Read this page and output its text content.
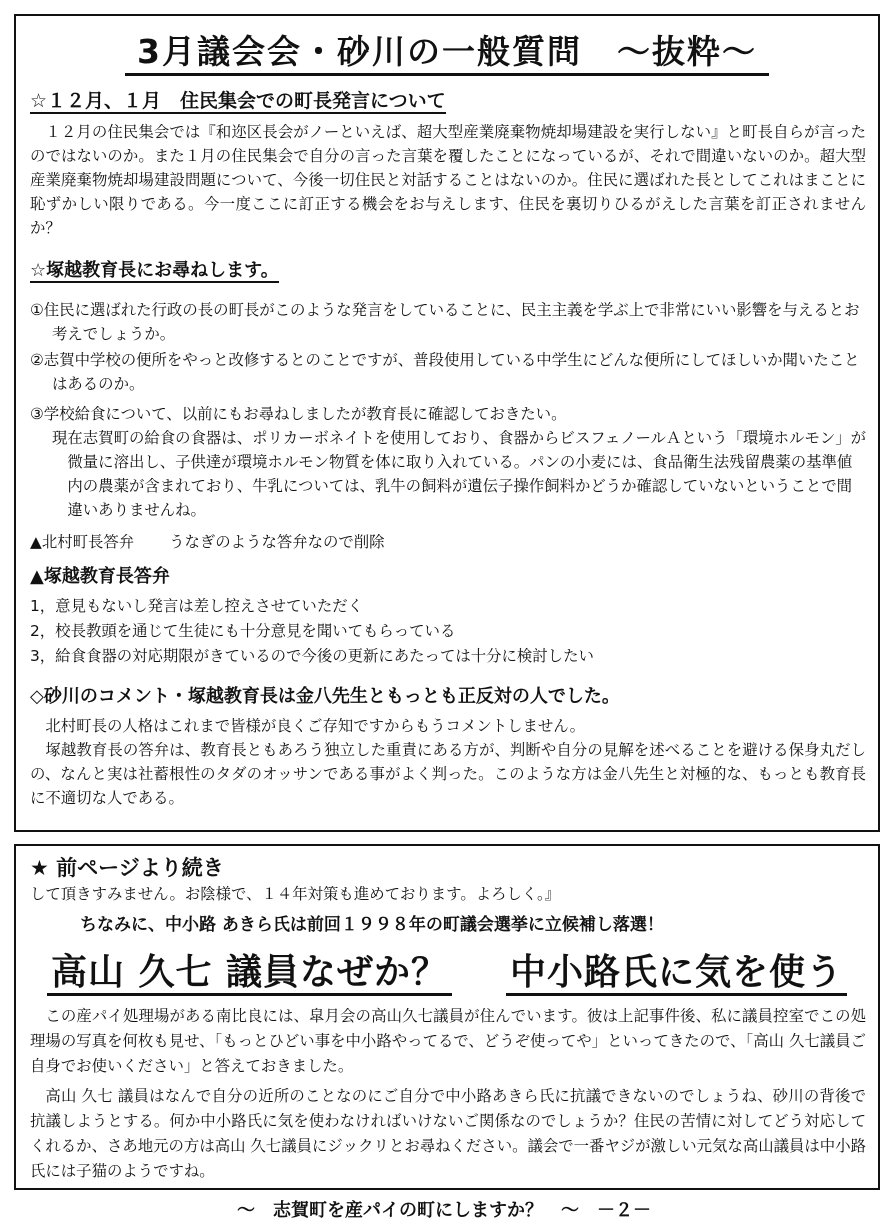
3月議会会・砂川の一般質問　～抜粋～
☆１２月、１月　住民集会での町長発言について
１２月の住民集会では『和迩区長会がノーといえば、超大型産業廃棄物焼却場建設を実行しない』と町長自らが言ったのではないのか。また１月の住民集会で自分の言った言葉を覆したことになっているが、それで間違いないのか。超大型産業廃棄物焼却場建設問題について、今後一切住民と対話することはないのか。住民に選ばれた長としてこれはまことに恥ずかしい限りである。今一度ここに訂正する機会をお与えします、住民を裏切りひるがえした言葉を訂正されませんか？
☆塚越教育長にお尋ねします。
①住民に選ばれた行政の長の町長がこのような発言をしていることに、民主主義を学ぶ上で非常にいい影響を与えるとお考えでしょうか。
②志賀中学校の便所をやっと改修するとのことですが、普段使用している中学生にどんな便所にしてほしいか聞いたことはあるのか。
③学校給食について、以前にもお尋ねしましたが教育長に確認しておきたい。
現在志賀町の給食の食器は、ポリカーボネイトを使用しており、食器からビスフェノールＡという「環境ホルモン」が微量に溶出し、子供達が環境ホルモン物質を体に取り入れている。パンの小麦には、食品衛生法残留農薬の基準値内の農薬が含まれており、牛乳については、乳牛の飼料が遺伝子操作飼料かどうか確認していないということで間違いありませんね。
▲北村町長答弁 うなぎのような答弁なので削除
▲塚越教育長答弁
1，意見もないし発言は差し控えさせていただく
2，校長教頭を通じて生徒にも十分意見を聞いてもらっている
3，給食食器の対応期限がきているので今後の更新にあたっては十分に検討したい
◇砂川のコメント・塚越教育長は金八先生ともっとも正反対の人でした。
北村町長の人格はこれまで皆様が良くご存知ですからもうコメントしません。
塚越教育長の答弁は、教育長ともあろう独立した重責にある方が、判断や自分の見解を述べることを避ける保身丸だしの、なんと実は社蓄根性のタダのオッサンである事がよく判った。このような方は金八先生と対極的な、もっとも教育長に不適切な人である。
★ 前ページより続き
して頂きすみません。お陰様で、１４年対策も進めております。よろしく。』
ちなみに、中小路 あきら氏は前回１９９８年の町議会選挙に立候補し落選！
高山 久七 議員なぜか？ 中小路氏に気を使う
この産パイ処理場がある南比良には、皐月会の高山久七議員が住んでいます。彼は上記事件後、私に議員控室でこの処理場の写真を何枚も見せ、「もっとひどい事を中小路やってるで、どうぞ使ってや」といってきたので、「高山 久七議員ご自身でお使いください」と答えておきました。
高山 久七 議員はなんで自分の近所のことなのにご自分で中小路あきら氏に抗議できないのでしょうね、砂川の背後で抗議しようとする。何か中小路氏に気を使わなければいけないご関係なのでしょうか？住民の苦情に対してどう対応してくれるか、さあ地元の方は高山 久七議員にジックリとお尋ねください。議会で一番ヤジが激しい元気な高山議員は中小路氏には子猫のようですね。
～　志賀町を産パイの町にしますか？　～　－２－
